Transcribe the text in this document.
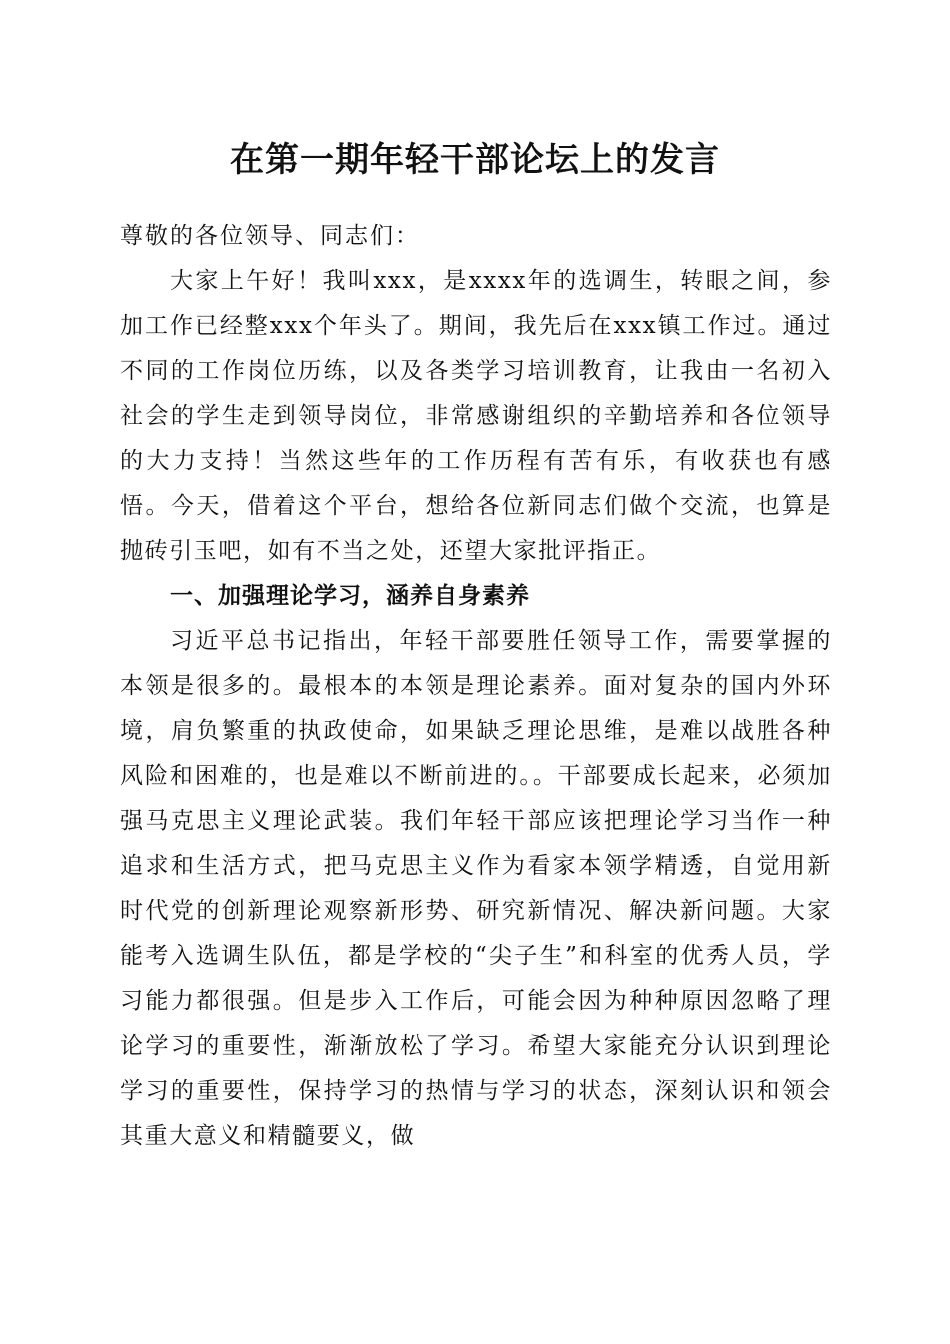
在第一期年轻干部论坛上的发言

尊敬的各位领导、同志们：

大家上午好！我叫xxx，是xxxx年的选调生，转眼之间，参加工作已经整xxx个年头了。期间，我先后在xxx镇工作过。通过不同的工作岗位历练，以及各类学习培训教育，让我由一名初入社会的学生走到领导岗位，非常感谢组织的辛勤培养和各位领导的大力支持！当然这些年的工作历程有苦有乐，有收获也有感悟。今天，借着这个平台，想给各位新同志们做个交流，也算是抛砖引玉吧，如有不当之处，还望大家批评指正。

一、加强理论学习，涵养自身素养

习近平总书记指出，年轻干部要胜任领导工作，需要掌握的本领是很多的。最根本的本领是理论素养。面对复杂的国内外环境，肩负繁重的执政使命，如果缺乏理论思维，是难以战胜各种风险和困难的，也是难以不断前进的。。干部要成长起来，必须加强马克思主义理论武装。我们年轻干部应该把理论学习当作一种追求和生活方式，把马克思主义作为看家本领学精透，自觉用新时代党的创新理论观察新形势、研究新情况、解决新问题。大家能考入选调生队伍，都是学校的“尖子生”和科室的优秀人员，学习能力都很强。但是步入工作后，可能会因为种种原因忽略了理论学习的重要性，渐渐放松了学习。希望大家能充分认识到理论学习的重要性，保持学习的热情与学习的状态，深刻认识和领会其重大意义和精髓要义，做
